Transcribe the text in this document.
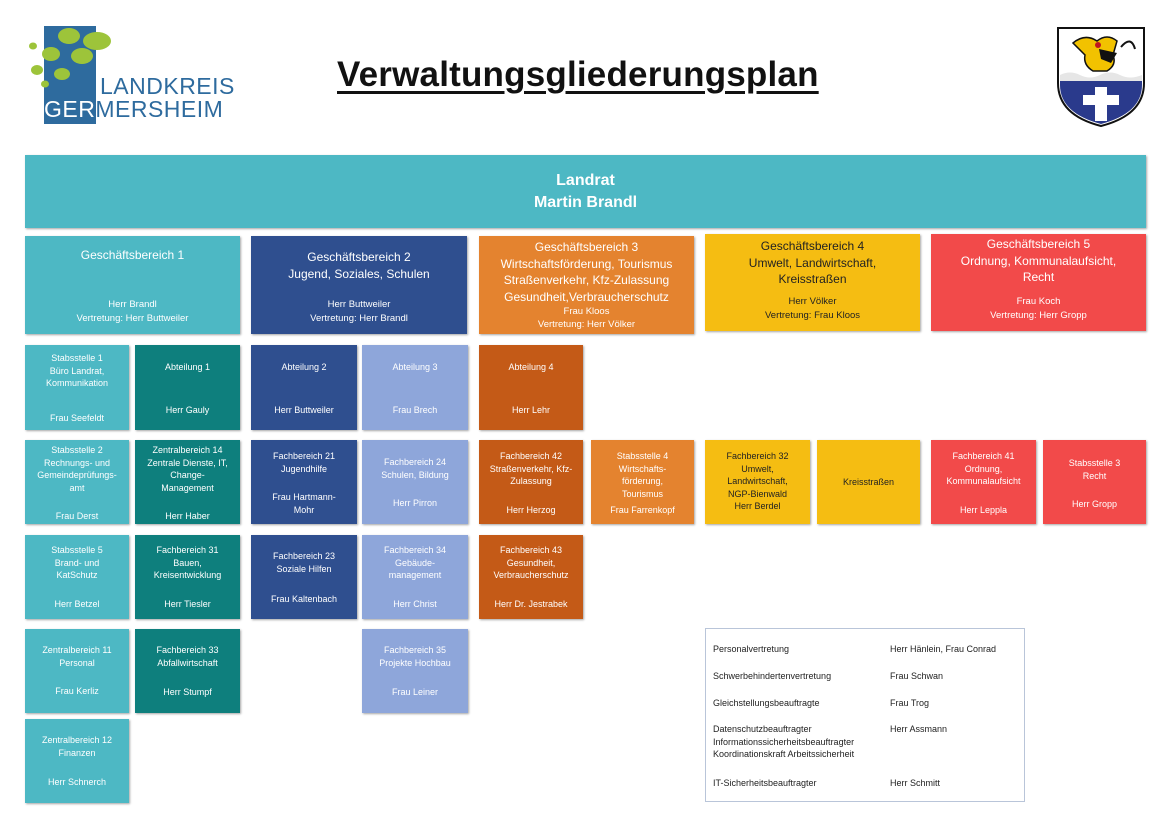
LANDKREIS
GERMERSHEIM
Verwaltungsgliederungsplan
Landrat
Martin Brandl
Geschäftsbereich 1
Herr Brandl
Vertretung: Herr Buttweiler
Geschäftsbereich 2
Jugend, Soziales, Schulen
Herr Buttweiler
Vertretung: Herr Brandl
Geschäftsbereich 3
Wirtschaftsförderung, Tourismus
Straßenverkehr, Kfz-Zulassung
Gesundheit,Verbraucherschutz
Frau Kloos
Vertretung: Herr Völker
Geschäftsbereich 4
Umwelt, Landwirtschaft,
Kreisstraßen
Herr Völker
Vertretung: Frau Kloos
Geschäftsbereich 5
Ordnung, Kommunalaufsicht,
Recht
Frau Koch
Vertretung: Herr Gropp
Stabsstelle 1
Büro Landrat,
Kommunikation
Frau Seefeldt
Abteilung 1
Herr Gauly
Abteilung 2
Herr Buttweiler
Abteilung 3
Frau Brech
Abteilung 4
Herr Lehr
Stabsstelle 2
Rechnungs- und
Gemeindeprüfungs-
amt
Frau Derst
Zentralbereich 14
Zentrale Dienste, IT,
Change-
Management
Herr Haber
Fachbereich 21
Jugendhilfe
Frau Hartmann-
Mohr
Fachbereich 24
Schulen, Bildung
Herr Pirron
Fachbereich 42
Straßenverkehr, Kfz-
Zulassung
Herr Herzog
Stabsstelle 4
Wirtschafts-
förderung,
Tourismus
Frau Farrenkopf
Fachbereich 32
Umwelt,
Landwirtschaft,
NGP-Bienwald
Herr Berdel
Kreisstraßen
Fachbereich 41
Ordnung,
Kommunalaufsicht
Herr Leppla
Stabsstelle 3
Recht
Herr Gropp
Stabsstelle 5
Brand- und
KatSchutz
Herr Betzel
Fachbereich 31
Bauen,
Kreisentwicklung
Herr Tiesler
Fachbereich 23
Soziale Hilfen
Frau Kaltenbach
Fachbereich 34
Gebäude-
management
Herr Christ
Fachbereich 43
Gesundheit,
Verbraucherschutz
Herr Dr. Jestrabek
Zentralbereich 11
Personal
Frau Kerliz
Fachbereich 33
Abfallwirtschaft
Herr Stumpf
Fachbereich 35
Projekte Hochbau
Frau Leiner
Zentralbereich 12
Finanzen
Herr Schnerch
Personalvertretung	Herr Hänlein, Frau Conrad
Schwerbehindertenvertretung	Frau Schwan
Gleichstellungsbeauftragte	Frau Trog
Datenschutzbeauftragter
Informationssicherheitsbeauftragter
Koordinationskraft Arbeitssicherheit
Herr Assmann
IT-Sicherheitsbeauftragter	Herr Schmitt
